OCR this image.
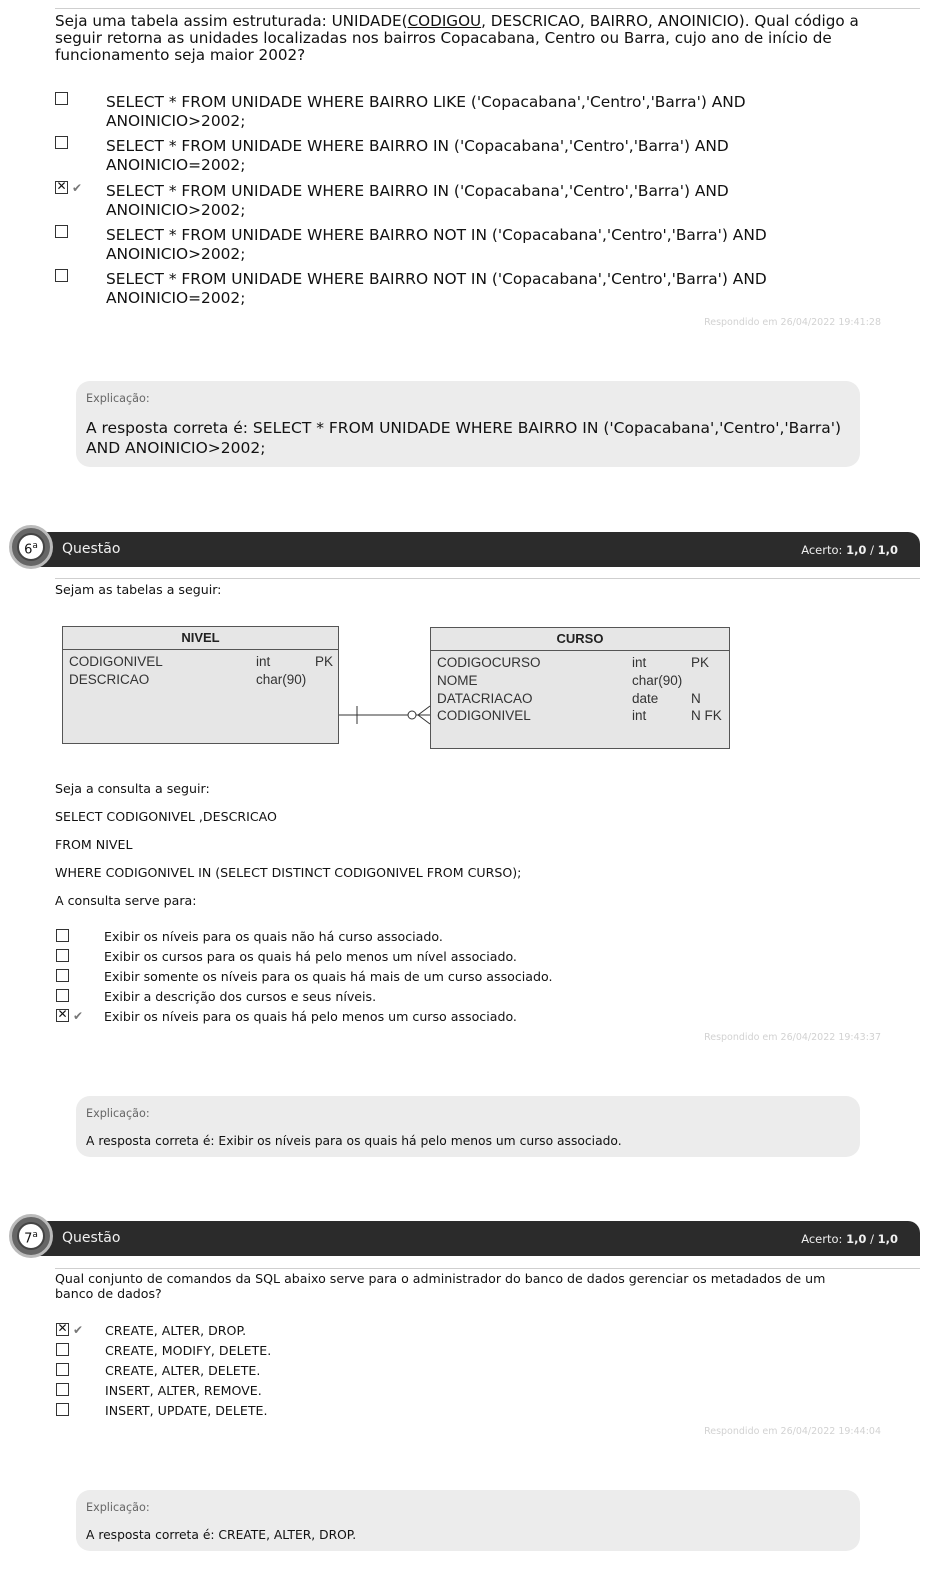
Seja uma tabela assim estruturada: UNIDADE(CODIGOU, DESCRICAO, BAIRRO, ANOINICIO). Qual código a seguir retorna as unidades localizadas nos bairros Copacabana, Centro ou Barra, cujo ano de início de funcionamento seja maior 2002?
SELECT * FROM UNIDADE WHERE BAIRRO LIKE ('Copacabana','Centro','Barra') AND ANOINICIO>2002;
SELECT * FROM UNIDADE WHERE BAIRRO IN ('Copacabana','Centro','Barra') AND ANOINICIO=2002;
✕
✔ SELECT * FROM UNIDADE WHERE BAIRRO IN ('Copacabana','Centro','Barra') AND ANOINICIO>2002;
SELECT * FROM UNIDADE WHERE BAIRRO NOT IN ('Copacabana','Centro','Barra') AND ANOINICIO>2002;
SELECT * FROM UNIDADE WHERE BAIRRO NOT IN ('Copacabana','Centro','Barra') AND ANOINICIO=2002;
Respondido em 26/04/2022 19:41:28
Explicação:
A resposta correta é: SELECT * FROM UNIDADE WHERE BAIRRO IN ('Copacabana','Centro','Barra') AND ANOINICIO>2002;
Questão	Acerto: 1,0 / 1,0
6$^a$
Sejam as tabelas a seguir:
NIVEL
CODIGONIVEL	int	PK
DESCRICAO	char(90)
CURSO
CODIGOCURSO	int	PK
NOME	char(90)
DATACRIACAO	date N
CODIGONIVEL	int	N FK
Seja a consulta a seguir:
SELECT CODIGONIVEL ,DESCRICAO
FROM NIVEL
WHERE CODIGONIVEL IN (SELECT DISTINCT CODIGONIVEL FROM CURSO);
A consulta serve para:
Exibir os níveis para os quais não há curso associado.
Exibir os cursos para os quais há pelo menos um nível associado.
Exibir somente os níveis para os quais há mais de um curso associado.
Exibir a descrição dos cursos e seus níveis.
✕
✔ Exibir os níveis para os quais há pelo menos um curso associado.
Respondido em 26/04/2022 19:43:37
Explicação:
A resposta correta é: Exibir os níveis para os quais há pelo menos um curso associado.
Questão	Acerto: 1,0 / 1,0
7$^a$
Qual conjunto de comandos da SQL abaixo serve para o administrador do banco de dados gerenciar os metadados de um banco de dados?
✕
✔ CREATE, ALTER, DROP.
CREATE, MODIFY, DELETE.
CREATE, ALTER, DELETE.
INSERT, ALTER, REMOVE.
INSERT, UPDATE, DELETE.
Respondido em 26/04/2022 19:44:04
Explicação:
A resposta correta é: CREATE, ALTER, DROP.
